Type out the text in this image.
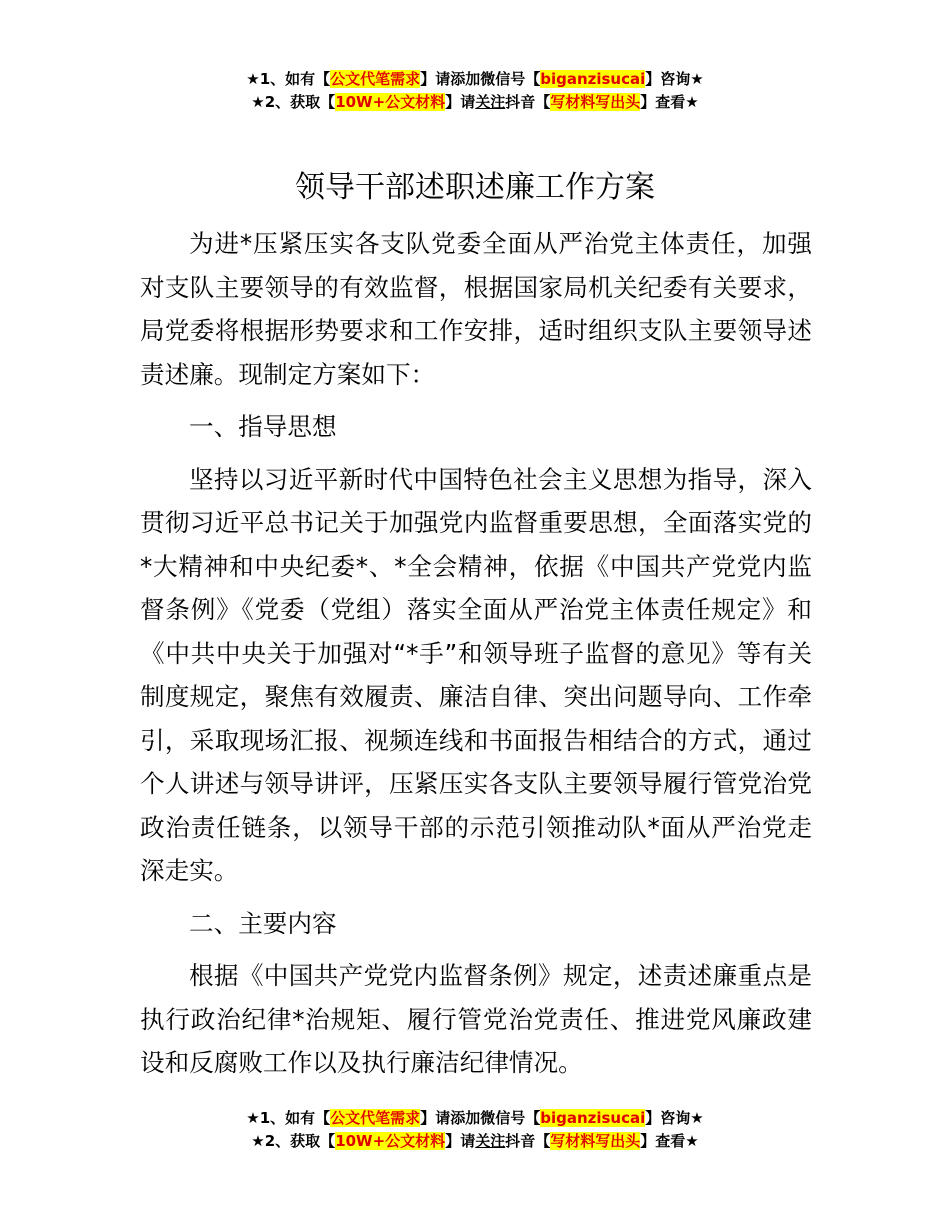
★1、如有【公文代笔需求】请添加微信号【biganzisucai】咨询★
★2、获取【10W+公文材料】请关注抖音【写材料写出头】查看★
领导干部述职述廉工作方案

为进*压紧压实各支队党委全面从严治党主体责任，加强对支队主要领导的有效监督，根据国家局机关纪委有关要求，局党委将根据形势要求和工作安排，适时组织支队主要领导述责述廉。现制定方案如下：

一、指导思想

坚持以习近平新时代中国特色社会主义思想为指导，深入贯彻习近平总书记关于加强党内监督重要思想，全面落实党的*大精神和中央纪委*、*全会精神，依据《中国共产党党内监督条例》《党委（党组）落实全面从严治党主体责任规定》和《中共中央关于加强对“*手”和领导班子监督的意见》等有关制度规定，聚焦有效履责、廉洁自律、突出问题导向、工作牵引，采取现场汇报、视频连线和书面报告相结合的方式，通过个人讲述与领导讲评，压紧压实各支队主要领导履行管党治党政治责任链条，以领导干部的示范引领推动队*面从严治党走深走实。

二、主要内容

根据《中国共产党党内监督条例》规定，述责述廉重点是执行政治纪律*治规矩、履行管党治党责任、推进党风廉政建设和反腐败工作以及执行廉洁纪律情况。

★1、如有【公文代笔需求】请添加微信号【biganzisucai】咨询★
★2、获取【10W+公文材料】请关注抖音【写材料写出头】查看★
